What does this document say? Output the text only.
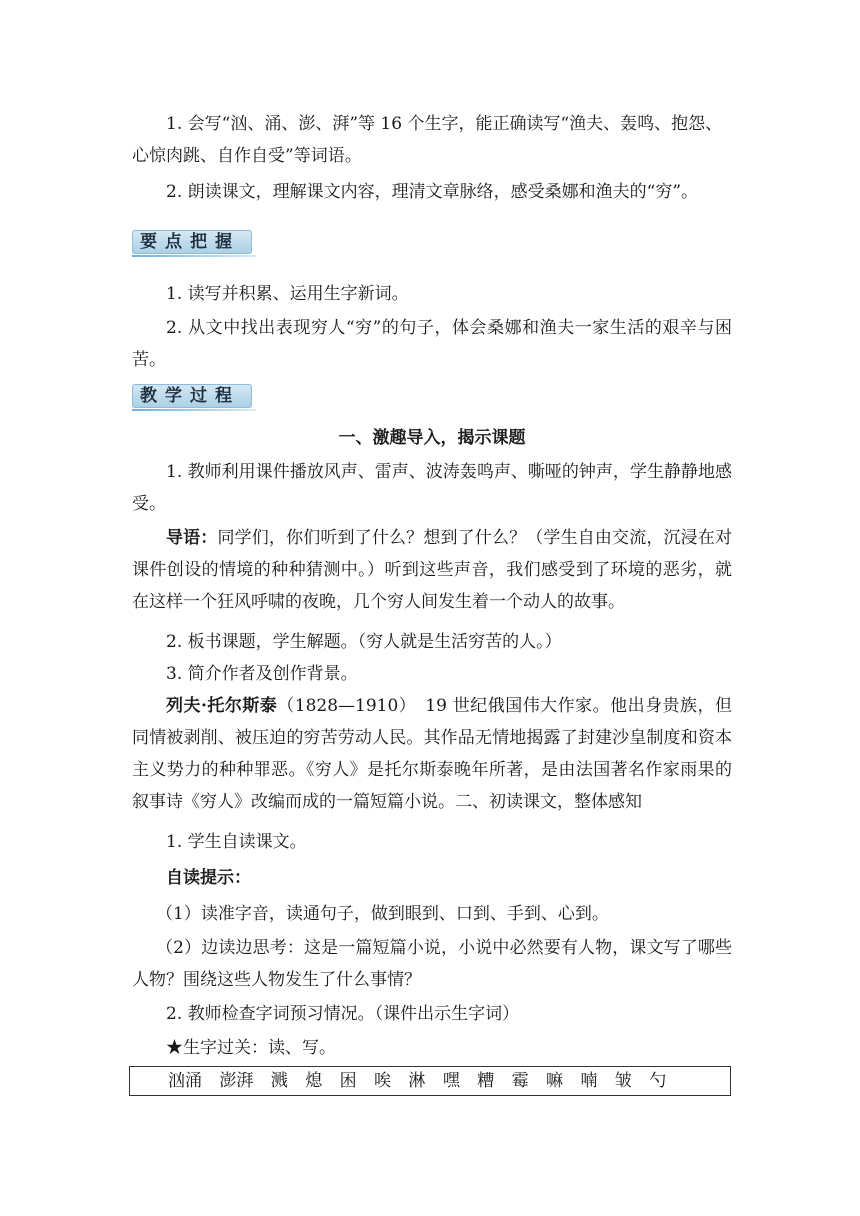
1. 会写“汹、涌、澎、湃”等 16 个生字，能正确读写“渔夫、轰鸣、抱怨、
心惊肉跳、自作自受”等词语。
2. 朗读课文，理解课文内容，理清文章脉络，感受桑娜和渔夫的“穷”。
要点把握
1. 读写并积累、运用生字新词。
2. 从文中找出表现穷人“穷”的句子，体会桑娜和渔夫一家生活的艰辛与困苦。
教学过程
一、激趣导入，揭示课题
1. 教师利用课件播放风声、雷声、波涛轰鸣声、嘶哑的钟声，学生静静地感受。
导语：同学们，你们听到了什么？想到了什么？（学生自由交流，沉浸在对课件创设的情境的种种猜测中。）听到这些声音，我们感受到了环境的恶劣，就在这样一个狂风呼啸的夜晚，几个穷人间发生着一个动人的故事。
2. 板书课题，学生解题。（穷人就是生活穷苦的人。）
3. 简介作者及创作背景。
列夫·托尔斯泰（1828—1910）　19 世纪俄国伟大作家。他出身贵族，但同情被剥削、被压迫的穷苦劳动人民。其作品无情地揭露了封建沙皇制度和资本主义势力的种种罪恶。《穷人》是托尔斯泰晚年所著，是由法国著名作家雨果的叙事诗《穷人》改编而成的一篇短篇小说。二、初读课文，整体感知
1. 学生自读课文。
自读提示：
（1）读准字音，读通句子，做到眼到、口到、手到、心到。
（2）边读边思考：这是一篇短篇小说，小说中必然要有人物，课文写了哪些人物？围绕这些人物发生了什么事情？
2. 教师检查字词预习情况。（课件出示生字词）
★生字过关：读、写。
汹涌 澎湃 溅 熄 困 唉 淋 嘿 糟 霉 嘛 喃 皱 勺
